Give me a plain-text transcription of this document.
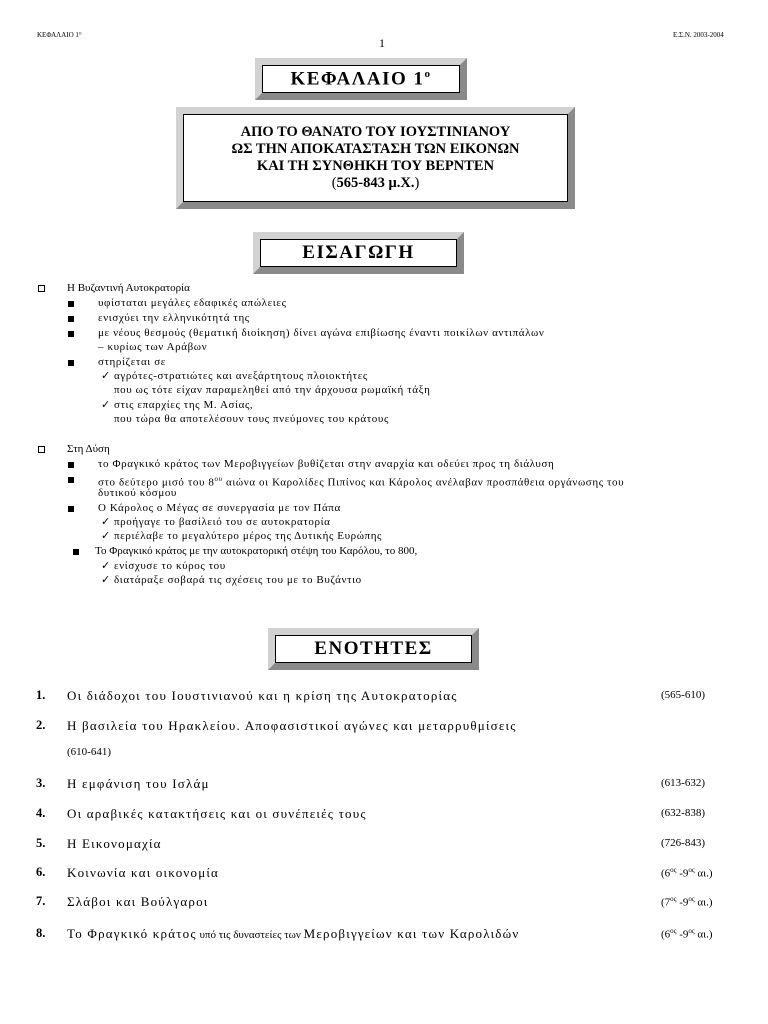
ΚΕΦΑΛΑΙΟ 1°
1
Ε.Σ.Ν. 2003-2004
ΚΕΦΑΛΑΙΟ $1^o$
ΑΠΟ ΤΟ ΘΑΝΑΤΟ ΤΟΥ ΙΟΥΣΤΙΝΙΑΝΟΥ
ΩΣ ΤΗΝ ΑΠΟΚΑΤΑΣΤΑΣΗ ΤΩΝ ΕΙΚΟΝΩΝ
ΚΑΙ ΤΗ ΣΥΝΘΗΚΗ ΤΟΥ ΒΕΡΝΤΕΝ
(565-843 μ.Χ.)
ΕΙΣΑΓΩΓΗ
Η Βυζαντινή Αυτοκρατορία
υφίσταται μεγάλες εδαφικές απώλειες
ενισχύει την ελληνικότητά της
με νέους θεσμούς (θεματική διοίκηση) δίνει αγώνα επιβίωσης έναντι ποικίλων αντιπάλων
– κυρίως των Αράβων
στηρίζεται σε
✓ αγρότες-στρατιώτες και ανεξάρτητους πλοιοκτήτες
που ως τότε είχαν παραμεληθεί από την άρχουσα ρωμαϊκή τάξη
✓ στις επαρχίες της Μ. Ασίας,
που τώρα θα αποτελέσουν τους πνεύμονες του κράτους
Στη Δύση
το Φραγκικό κράτος των Μεροβιγγείων βυθίζεται στην αναρχία και οδεύει προς τη διάλυση
στο δεύτερο μισό του $8^{o\upsilon}$ αιώνα οι Καρολίδες Πιπίνος και Κάρολος ανέλαβαν προσπάθεια οργάνωσης του
δυτικού κόσμου
Ο Κάρολος ο Μέγας σε συνεργασία με τον Πάπα
✓ προήγαγε το βασίλειό του σε αυτοκρατορία
✓ περιέλαβε το μεγαλύτερο μέρος της Δυτικής Ευρώπης
Το Φραγκικό κράτος με την αυτοκρατορική στέψη του Καρόλου, το 800,
✓ ενίσχυσε το κύρος του
✓ διατάραξε σοβαρά τις σχέσεις του με το Βυζάντιο
ΕΝΟΤΗΤΕΣ
1. Οι διάδοχοι του Ιουστινιανού και η κρίση της Αυτοκρατορίας	(565-610)
2. Η βασιλεία του Ηρακλείου. Αποφασιστικοί αγώνες και μεταρρυθμίσεις
(610-641)
3. Η εμφάνιση του Ισλάμ	(613-632)
4. Οι αραβικές κατακτήσεις και οι συνέπειές τους	(632-838)
5. Η Εικονομαχία	(726-843)
6. Κοινωνία και οικονομία	($6^{o\varsigma}$ $-9^{o\varsigma}$ αι.)
7. Σλάβοι και Βούλγαροι	($7^{o\varsigma}$ $-9^{o\varsigma}$ αι.)
8. Το Φραγκικό κράτος υπό τις δυναστείες των Μεροβιγγείων και των Καρολιδών	($6^{o\varsigma}$ $-9^{o\varsigma}$ αι.)
